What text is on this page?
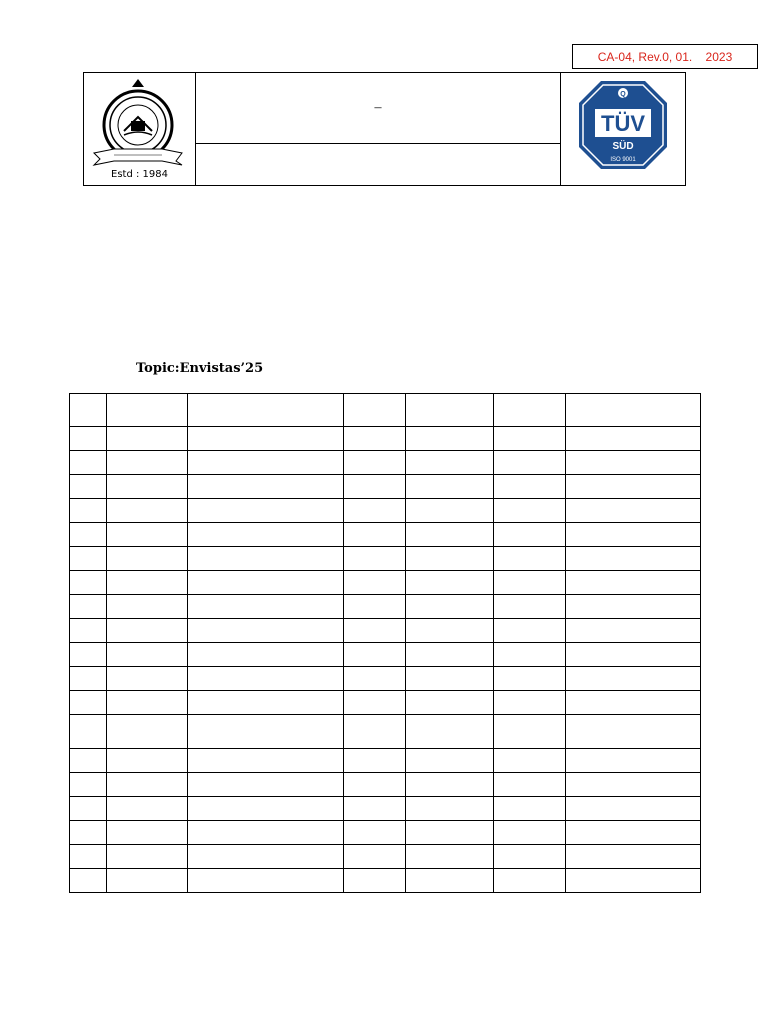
CA-04, Rev.0, 01.    2023
Estd : 1984
–
Q
TÜV
SÜD
ISO 9001
Topic:Envistas’25
